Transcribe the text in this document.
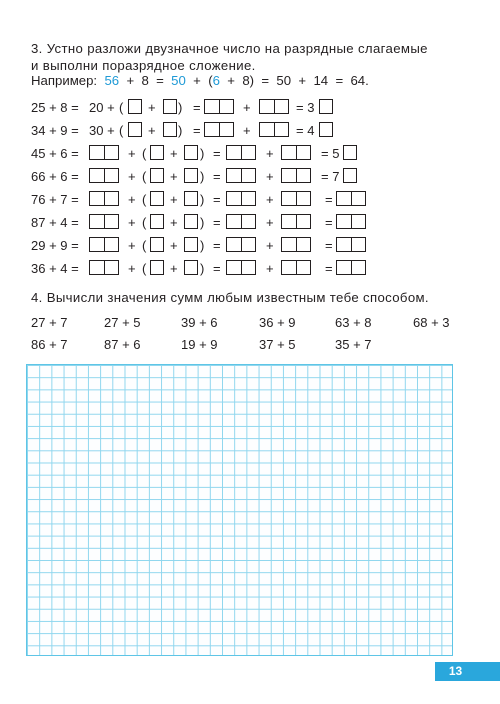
3. Устно разложи двузначное число на разрядные слагаемые
и выполни поразрядное сложение.
Например: 56 + 8 = 50 + (6 + 8) = 50 + 14 = 64.
25 + 8 = 20 + ( + ) =	+	= 3
34 + 9 = 30 + ( + ) =	+	= 4
45 + 6 =	+ ( + ) =	+	= 5
66 + 6 =	+ ( + ) =	+	= 7
76 + 7 =	+ ( + ) =	+	=
87 + 4 =	+ ( + ) =	+	=
29 + 9 =	+ ( + ) =	+	=
36 + 4 =	+ ( + ) =	+	=
4. Вычисли значения сумм любым известным тебе способом.
27 + 7	27 + 5	39 + 6	36 + 9	63 + 8	68 + 3
86 + 7	87 + 6	19 + 9	37 + 5	35 + 7
13
